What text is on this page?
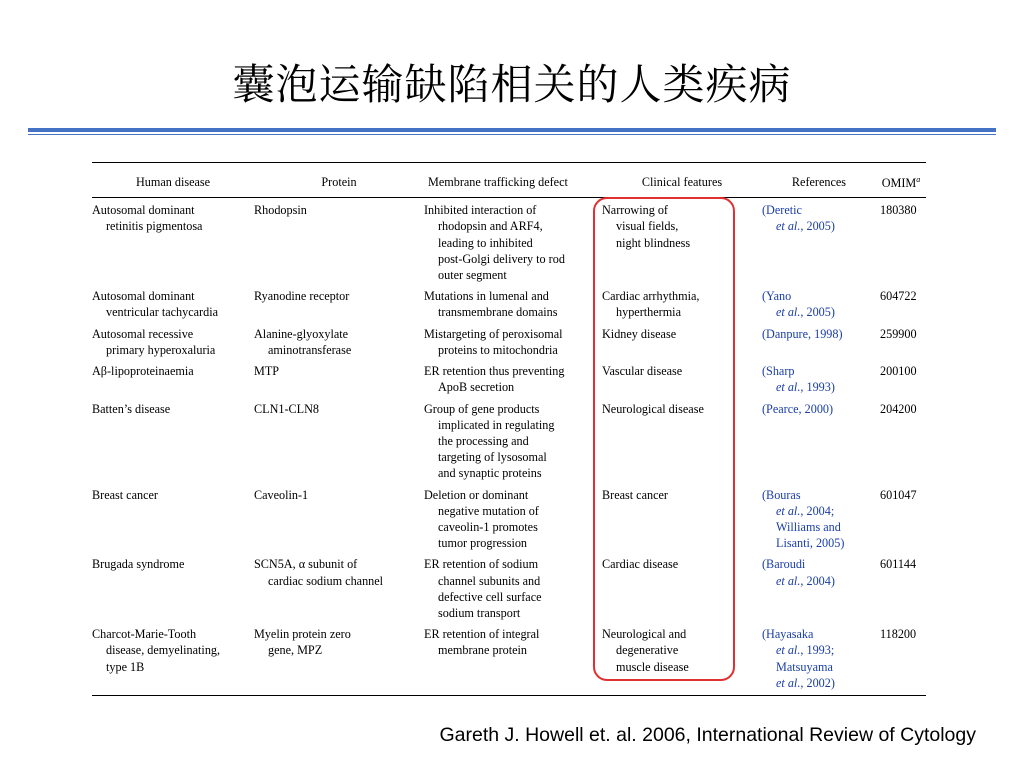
囊泡运输缺陷相关的人类疾病
Human disease	Protein	Membrane trafficking defect	Clinical features	References	OMIM$^a$

Autosomal dominant
retinitis pigmentosa	Rhodopsin	Inhibited interaction of
rhodopsin and ARF4,
leading to inhibited
post-Golgi delivery to rod
outer segment	Narrowing of
visual fields,
night blindness	(Deretic
et al., 2005)	180380

Autosomal dominant
ventricular tachycardia	Ryanodine receptor	Mutations in lumenal and
transmembrane domains	Cardiac arrhythmia,
hyperthermia	(Yano
et al., 2005)	604722

Autosomal recessive
primary hyperoxaluria	Alanine-glyoxylate
aminotransferase	Mistargeting of peroxisomal
proteins to mitochondria	Kidney disease	(Danpure, 1998)	259900

Aβ-lipoproteinaemia	MTP	ER retention thus preventing
ApoB secretion	Vascular disease	(Sharp
et al., 1993)	200100

Batten’s disease	CLN1-CLN8	Group of gene products
implicated in regulating
the processing and
targeting of lysosomal
and synaptic proteins	Neurological disease	(Pearce, 2000)	204200

Breast cancer	Caveolin-1	Deletion or dominant
negative mutation of
caveolin-1 promotes
tumor progression	Breast cancer	(Bouras
et al., 2004;
Williams and
Lisanti, 2005)	601047

Brugada syndrome	SCN5A, α subunit of
cardiac sodium channel	ER retention of sodium
channel subunits and
defective cell surface
sodium transport	Cardiac disease	(Baroudi
et al., 2004)	601144

Charcot-Marie-Tooth
disease, demyelinating,
type 1B	Myelin protein zero
gene, MPZ	ER retention of integral
membrane protein	Neurological and
degenerative
muscle disease	(Hayasaka
et al., 1993;
Matsuyama
et al., 2002)	118200
Gareth J. Howell et. al. 2006, International Review of Cytology
